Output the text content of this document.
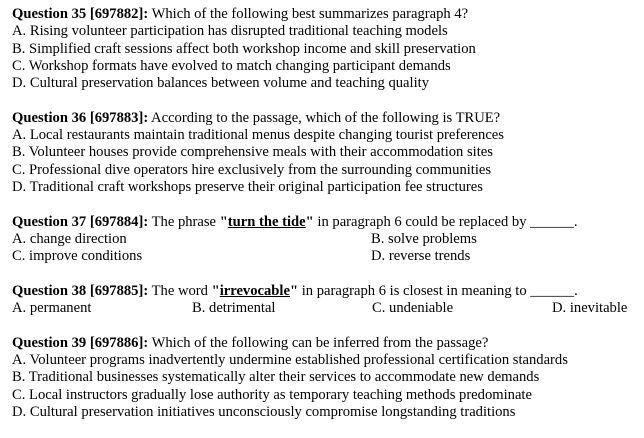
Question 35 [697882]: Which of the following best summarizes paragraph 4?
A. Rising volunteer participation has disrupted traditional teaching models
B. Simplified craft sessions affect both workshop income and skill preservation
C. Workshop formats have evolved to match changing participant demands
D. Cultural preservation balances between volume and teaching quality
Question 36 [697883]: According to the passage, which of the following is TRUE?
A. Local restaurants maintain traditional menus despite changing tourist preferences
B. Volunteer houses provide comprehensive meals with their accommodation sites
C. Professional dive operators hire exclusively from the surrounding communities
D. Traditional craft workshops preserve their original participation fee structures
Question 37 [697884]: The phrase "turn the tide" in paragraph 6 could be replaced by ______.
A. change direction	B. solve problems
C. improve conditions	D. reverse trends
Question 38 [697885]: The word "irrevocable" in paragraph 6 is closest in meaning to ______.
A. permanent	B. detrimental	C. undeniable	D. inevitable
Question 39 [697886]: Which of the following can be inferred from the passage?
A. Volunteer programs inadvertently undermine established professional certification standards
B. Traditional businesses systematically alter their services to accommodate new demands
C. Local instructors gradually lose authority as temporary teaching methods predominate
D. Cultural preservation initiatives unconsciously compromise longstanding traditions
